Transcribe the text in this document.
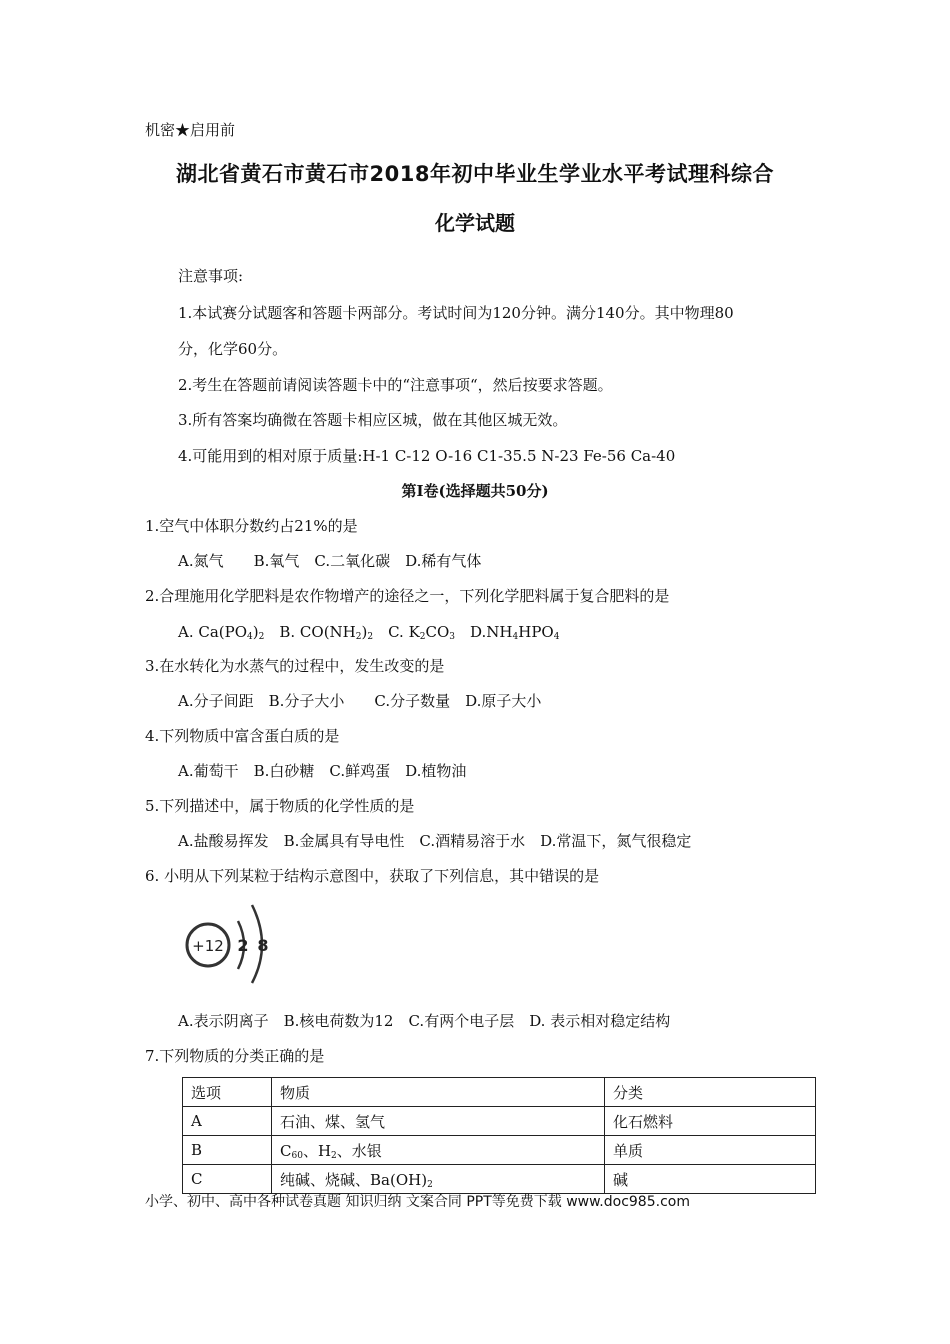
机密★启用前
湖北省黄石市黄石市2018年初中毕业生学业水平考试理科综合
化学试题
注意事项:
1.本试赛分试题客和答题卡两部分。考试时间为120分钟。满分140分。其中物理80
分，化学60分。
2.考生在答题前请阅读答题卡中的“注意事项“，然后按要求答题。
3.所有答案均确微在答题卡相应区城，做在其他区城无效。
4.可能用到的相对原于质量:H-1 C-12 O-16 C1-35.5 N-23 Fe-56 Ca-40
第I卷(选择题共50分)
1.空气中体职分数约占21%的是
A.氮气　　B.氧气　C.二氧化碳　D.稀有气体
2.合理施用化学肥料是农作物增产的途径之一，下列化学肥料属于复合肥料的是
A. $Ca(PO_4)_2$　B. $CO(NH_2)_2$　C. $K_2CO_3$　$D.NH_4HPO_4$
3.在水转化为水蒸气的过程中，发生改变的是
A.分子间距　B.分子大小　　C.分子数量　D.原子大小
4.下列物质中富含蛋白质的是
A.葡萄干　B.白砂糖　C.鲜鸡蛋　D.植物油
5.下列描述中，属于物质的化学性质的是
A.盐酸易挥发　B.金属具有导电性　C.酒精易溶于水　D.常温下，氮气很稳定
6. 小明从下列某粒于结构示意图中，获取了下列信息，其中错误的是
+12 2 8
A.表示阴离子　B.核电荷数为12　C.有两个电子层　D. 表示相对稳定结构
7.下列物质的分类正确的是
选项	物质	分类
A	石油、煤、氢气	化石燃料
B	$C_{60}$、$H_2$、水银	单质
C	纯碱、烧碱、$Ba(OH)_2$	碱
小学、初中、高中各种试卷真题 知识归纳 文案合同 PPT等免费下载 www.doc985.com
